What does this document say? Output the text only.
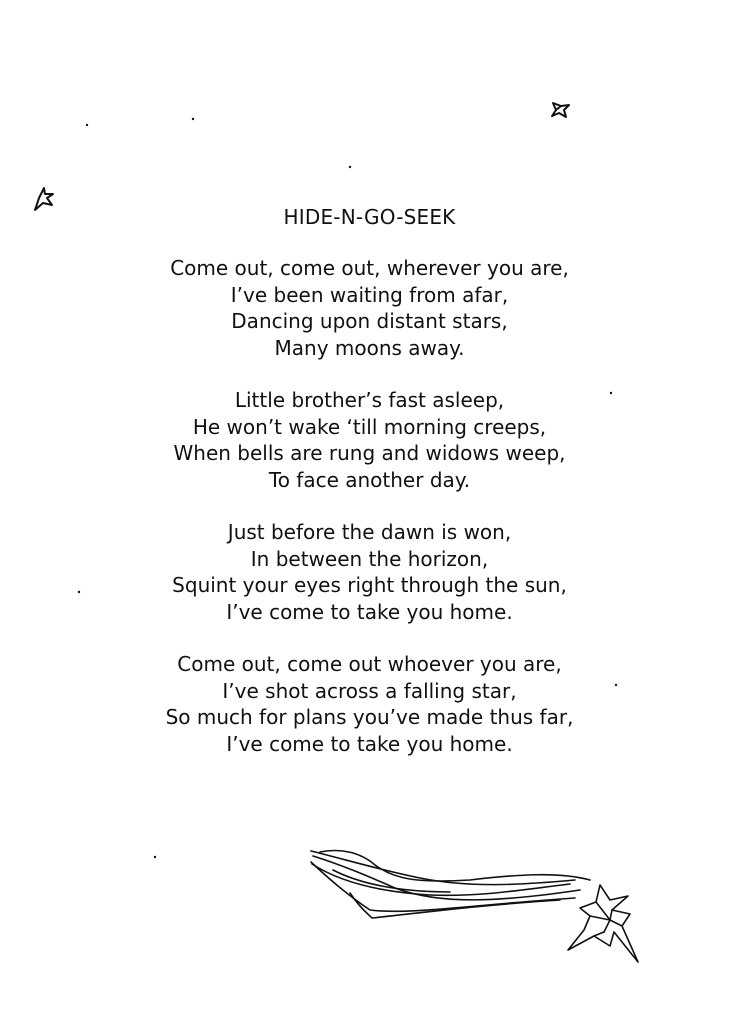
HIDE-N-GO-SEEK
Come out, come out, wherever you are,
I’ve been waiting from afar,
Dancing upon distant stars,
Many moons away.
Little brother’s fast asleep,
He won’t wake ‘till morning creeps,
When bells are rung and widows weep,
To face another day.
Just before the dawn is won,
In between the horizon,
Squint your eyes right through the sun,
I’ve come to take you home.
Come out, come out whoever you are,
I’ve shot across a falling star,
So much for plans you’ve made thus far,
I’ve come to take you home.
